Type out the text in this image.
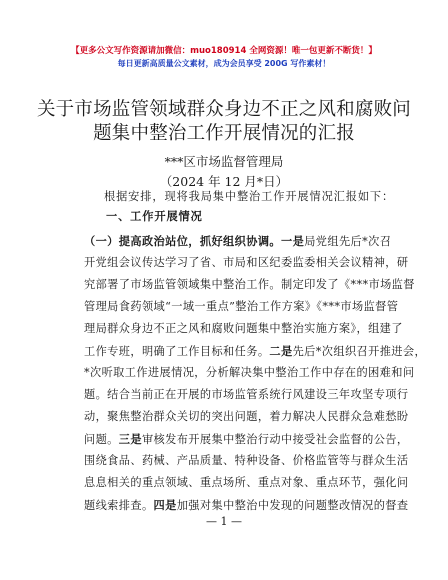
【更多公文写作资源请加微信：muo180914 全网资源！唯一包更新不断货！】
每日更新高质量公文素材，成为会员享受 200G 写作素材！
关于市场监管领域群众身边不正之风和腐败问
题集中整治工作开展情况的汇报
***区市场监督管理局
（2024 年 12 月*日）
根据安排，现将我局集中整治工作开展情况汇报如下：
一、工作开展情况
（一）提高政治站位，抓好组织协调。一是局党组先后*次召
开党组会议传达学习了省、市局和区纪委监委相关会议精神，研
究部署了市场监管领域集中整治工作。制定印发了《***市场监督
管理局食药领域“一域一重点”整治工作方案》《***市场监督管
理局群众身边不正之风和腐败问题集中整治实施方案》，组建了
工作专班，明确了工作目标和任务。二是先后*次组织召开推进会，
*次听取工作进展情况，分析解决集中整治工作中存在的困难和问
题。结合当前正在开展的市场监管系统行风建设三年攻坚专项行
动，聚焦整治群众关切的突出问题，着力解决人民群众急难愁盼
问题。三是审核发布开展集中整治行动中接受社会监督的公告，
围绕食品、药械、产品质量、特种设备、价格监管等与群众生活
息息相关的重点领域、重点场所、重点对象、重点环节，强化问
题线索排查。四是加强对集中整治中发现的问题整改情况的督查
— 1 —
